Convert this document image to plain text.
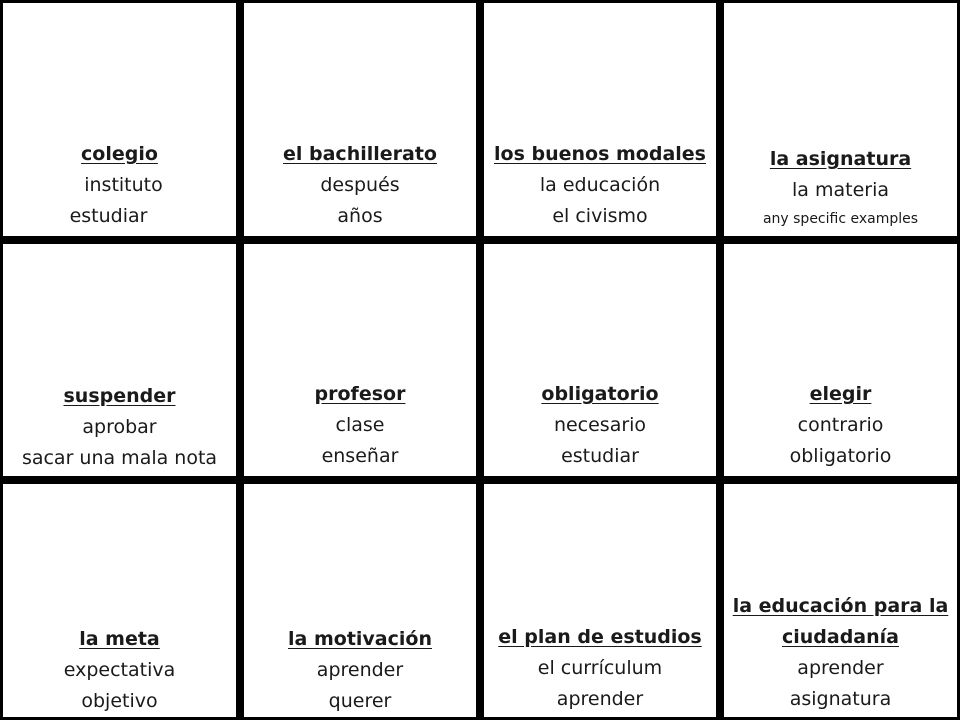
colegio
instituto
estudiar
el bachillerato
después
años
los buenos modales
la educación
el civismo
la asignatura
la materia
any specific examples
suspender
aprobar
sacar una mala nota
profesor
clase
enseñar
obligatorio
necesario
estudiar
elegir
contrario
obligatorio
la meta
expectativa
objetivo
la motivación
aprender
querer
el plan de estudios
el currículum
aprender
la educación para la ciudadanía
aprender
asignatura
